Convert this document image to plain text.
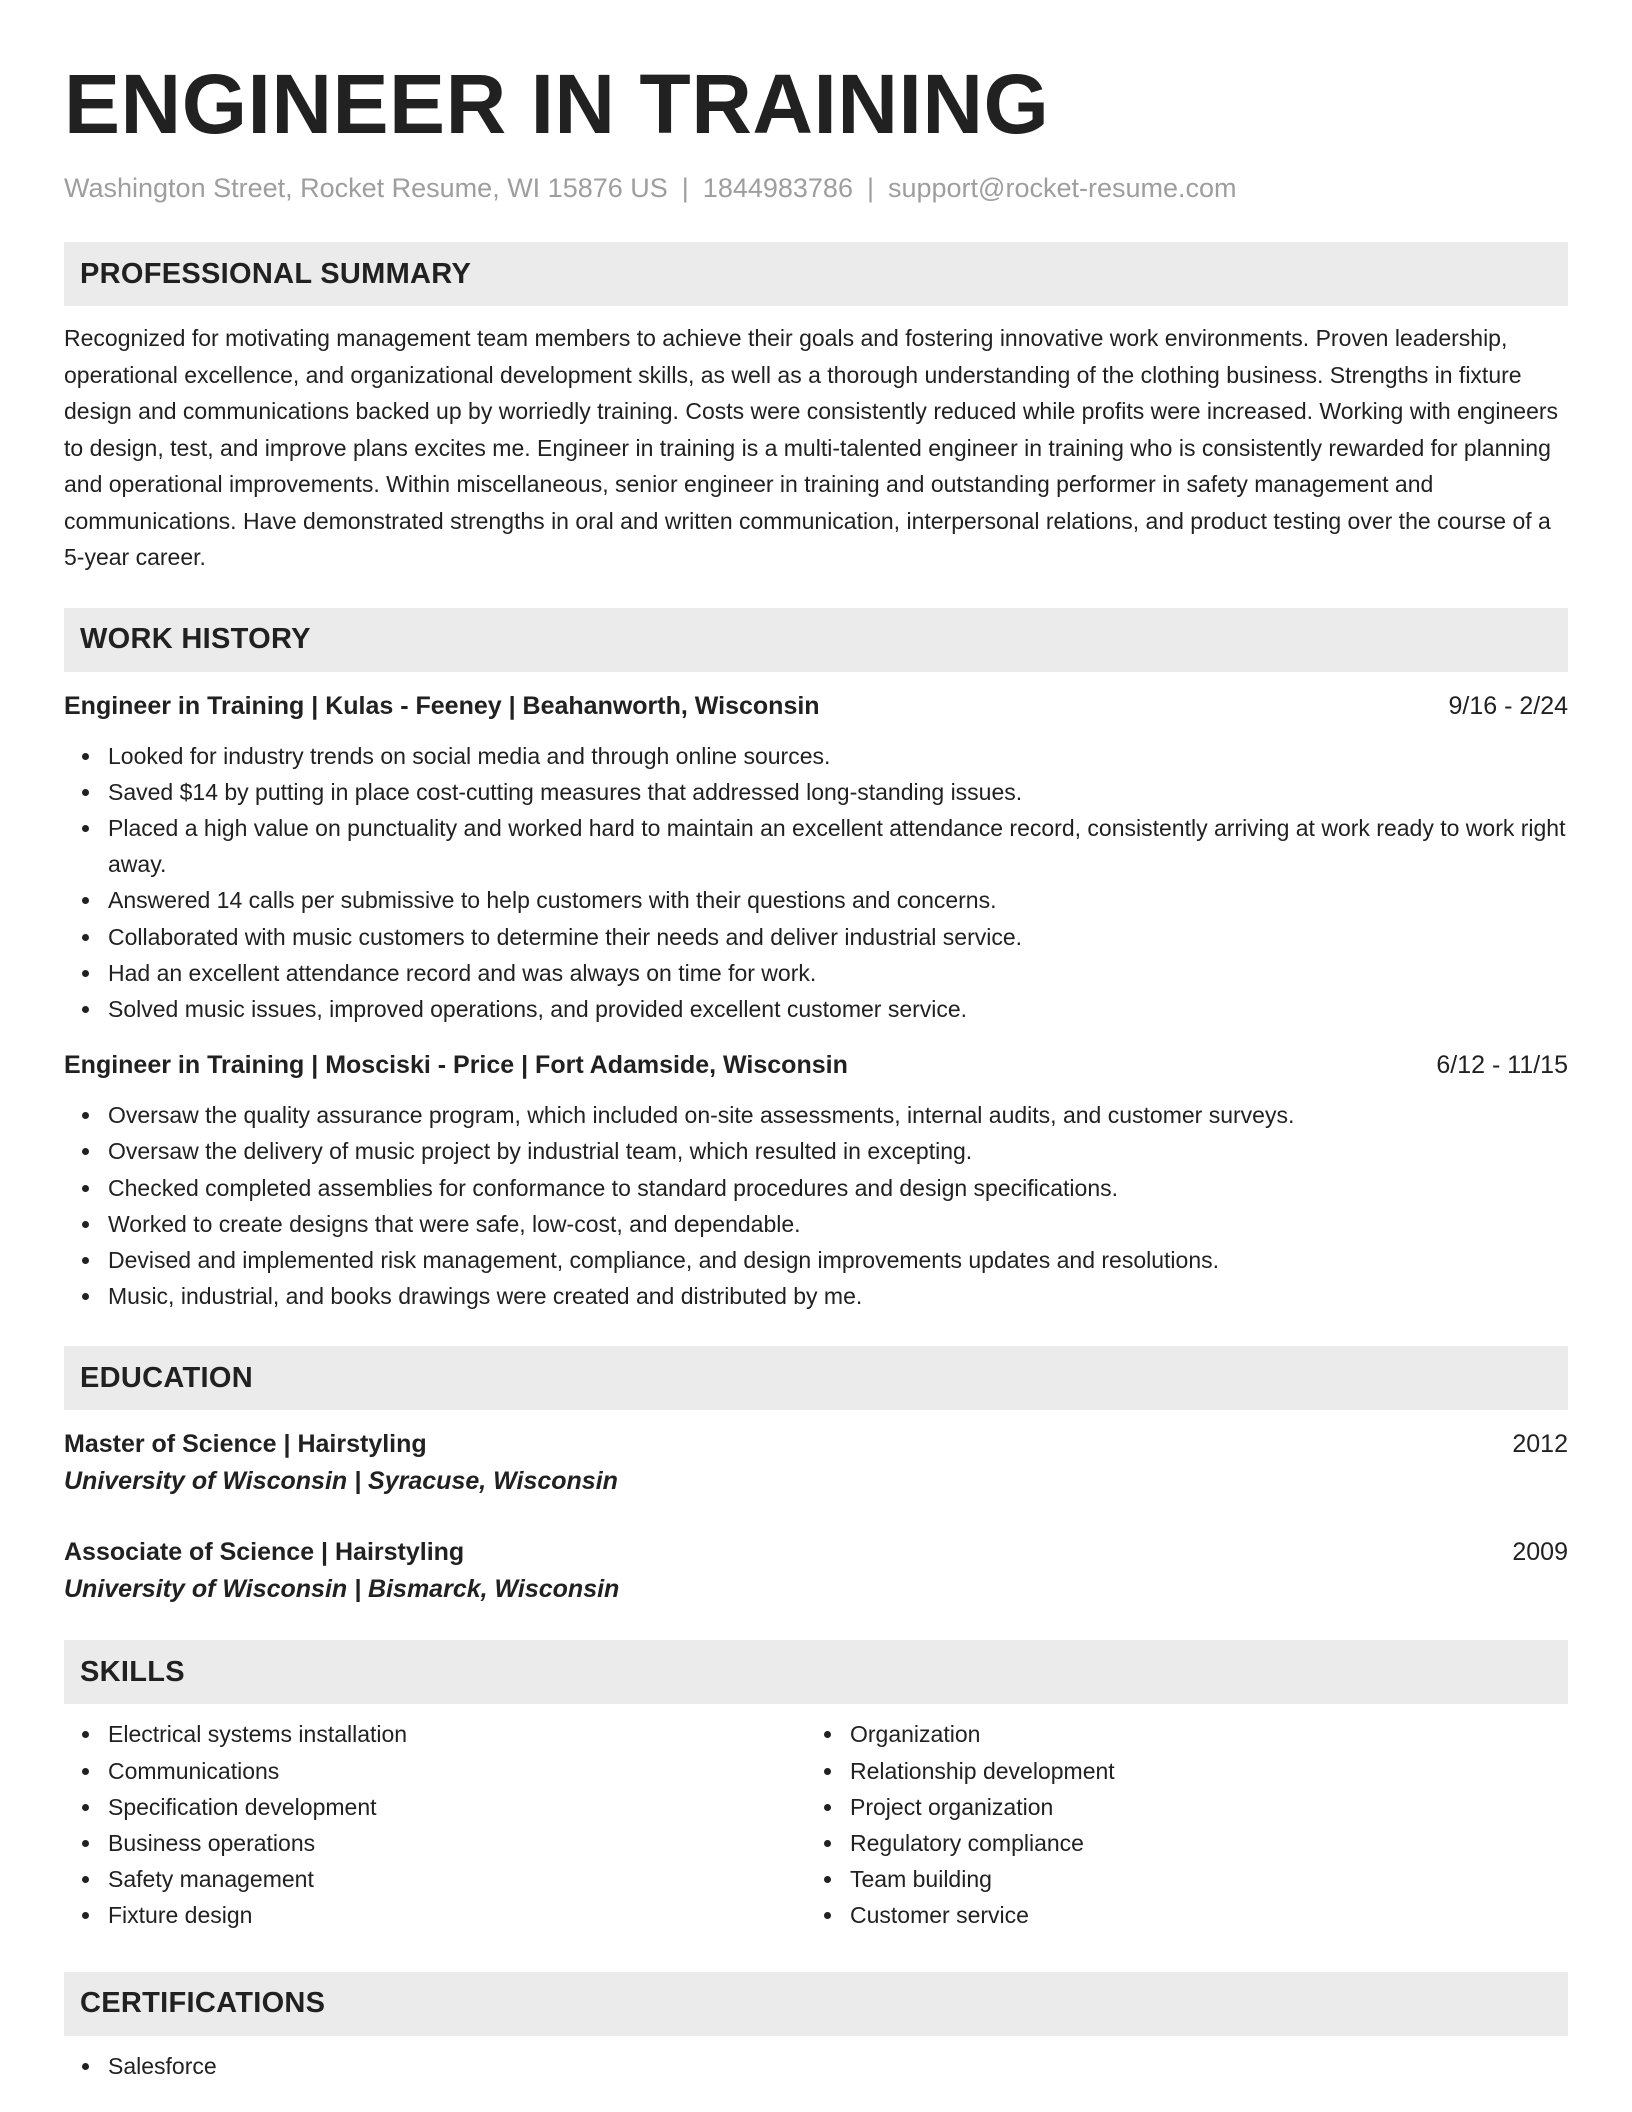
ENGINEER IN TRAINING
Washington Street, Rocket Resume, WI 15876 US | 1844983786 | support@rocket-resume.com
PROFESSIONAL SUMMARY
Recognized for motivating management team members to achieve their goals and fostering innovative work environments. Proven leadership, operational excellence, and organizational development skills, as well as a thorough understanding of the clothing business. Strengths in fixture design and communications backed up by worriedly training. Costs were consistently reduced while profits were increased. Working with engineers to design, test, and improve plans excites me. Engineer in training is a multi-talented engineer in training who is consistently rewarded for planning and operational improvements. Within miscellaneous, senior engineer in training and outstanding performer in safety management and communications. Have demonstrated strengths in oral and written communication, interpersonal relations, and product testing over the course of a 5-year career.
WORK HISTORY
Engineer in Training | Kulas - Feeney | Beahanworth, Wisconsin	9/16 - 2/24
Looked for industry trends on social media and through online sources.
Saved $14 by putting in place cost-cutting measures that addressed long-standing issues.
Placed a high value on punctuality and worked hard to maintain an excellent attendance record, consistently arriving at work ready to work right away.
Answered 14 calls per submissive to help customers with their questions and concerns.
Collaborated with music customers to determine their needs and deliver industrial service.
Had an excellent attendance record and was always on time for work.
Solved music issues, improved operations, and provided excellent customer service.
Engineer in Training | Mosciski - Price | Fort Adamside, Wisconsin	6/12 - 11/15
Oversaw the quality assurance program, which included on-site assessments, internal audits, and customer surveys.
Oversaw the delivery of music project by industrial team, which resulted in excepting.
Checked completed assemblies for conformance to standard procedures and design specifications.
Worked to create designs that were safe, low-cost, and dependable.
Devised and implemented risk management, compliance, and design improvements updates and resolutions.
Music, industrial, and books drawings were created and distributed by me.
EDUCATION
Master of Science | Hairstyling	2012
University of Wisconsin | Syracuse, Wisconsin
Associate of Science | Hairstyling	2009
University of Wisconsin | Bismarck, Wisconsin
SKILLS
Electrical systems installation
Communications
Specification development
Business operations
Safety management
Fixture design
Organization
Relationship development
Project organization
Regulatory compliance
Team building
Customer service
CERTIFICATIONS
Salesforce
